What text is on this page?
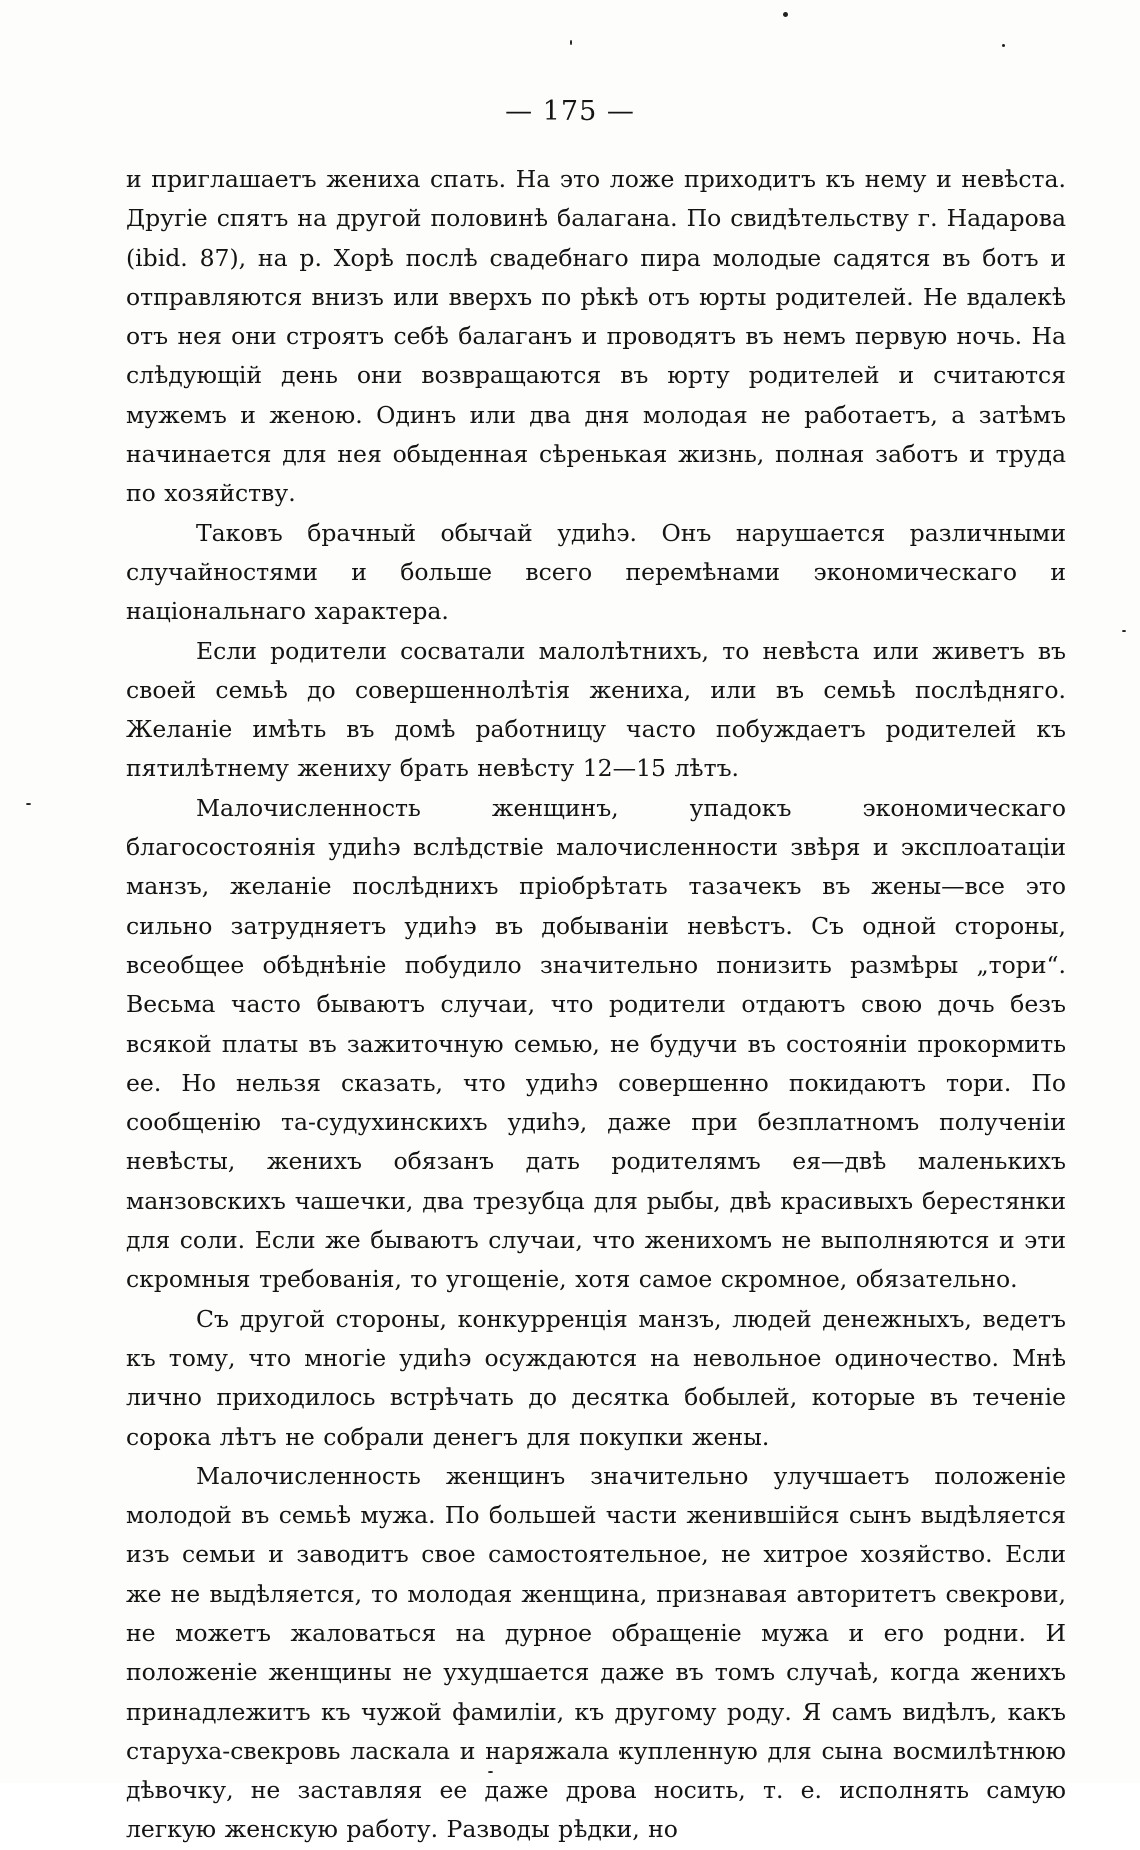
— 175 —

и приглашаетъ жениха спать. На это ложе приходитъ къ нему и невѣста. Другіе спятъ на другой половинѣ балагана. По свидѣтельству г. Надарова (ibid. 87), на р. Хорѣ послѣ свадебнаго пира молодые садятся въ ботъ и отправляются внизъ или вверхъ по рѣкѣ отъ юрты родителей. Не вдалекѣ отъ нея они строятъ себѣ балаганъ и проводятъ въ немъ первую ночь. На слѣдующій день они возвращаются въ юрту родителей и считаются мужемъ и женою. Одинъ или два дня молодая не работаетъ, а затѣмъ начинается для нея обыденная сѣренькая жизнь, полная заботъ и труда по хозяйству.

Таковъ брачный обычай удиһэ. Онъ нарушается различными случайностями и больше всего перемѣнами экономическаго и національнаго характера.

Если родители сосватали малолѣтнихъ, то невѣста или живетъ въ своей семьѣ до совершеннолѣтія жениха, или въ семьѣ послѣдняго. Желаніе имѣть въ домѣ работницу часто побуждаетъ родителей къ пятилѣтнему жениху брать невѣсту 12—15 лѣтъ.

Малочисленность женщинъ, упадокъ экономическаго благосостоянія удиһэ вслѣдствіе малочисленности звѣря и эксплоатаціи манзъ, желаніе послѣднихъ пріобрѣтать тазачекъ въ жены—все это сильно затрудняетъ удиһэ въ добываніи невѣстъ. Съ одной стороны, всеобщее обѣднѣніе побудило значительно понизить размѣры „тори“. Весьма часто бываютъ случаи, что родители отдаютъ свою дочь безъ всякой платы въ зажиточную семью, не будучи въ состояніи прокормить ее. Но нельзя сказать, что удиһэ совершенно покидаютъ тори. По сообщенію та-судухинскихъ удиһэ, даже при безплатномъ полученіи невѣсты, женихъ обязанъ дать родителямъ ея—двѣ маленькихъ манзовскихъ чашечки, два трезубца для рыбы, двѣ красивыхъ берестянки для соли. Если же бываютъ случаи, что женихомъ не выполняются и эти скромныя требованія, то угощеніе, хотя самое скромное, обязательно.

Съ другой стороны, конкурренція манзъ, людей денежныхъ, ведетъ къ тому, что многіе удиһэ осуждаются на невольное одиночество. Мнѣ лично приходилось встрѣчать до десятка бобылей, которые въ теченіе сорока лѣтъ не собрали денегъ для покупки жены.

Малочисленность женщинъ значительно улучшаетъ положеніе молодой въ семьѣ мужа. По большей части женившійся сынъ выдѣляется изъ семьи и заводитъ свое самостоятельное, не хитрое хозяйство. Если же не выдѣляется, то молодая женщина, признавая авторитетъ свекрови, не можетъ жаловаться на дурное обращеніе мужа и его родни. И положеніе женщины не ухудшается даже въ томъ случаѣ, когда женихъ принадлежитъ къ чужой фамиліи, къ другому роду. Я самъ видѣлъ, какъ старуха-свекровь ласкала и наряжала купленную для сына восмилѣтнюю дѣвочку, не заставляя ее даже дрова носить, т. е. исполнять самую легкую женскую работу. Разводы рѣдки, но
